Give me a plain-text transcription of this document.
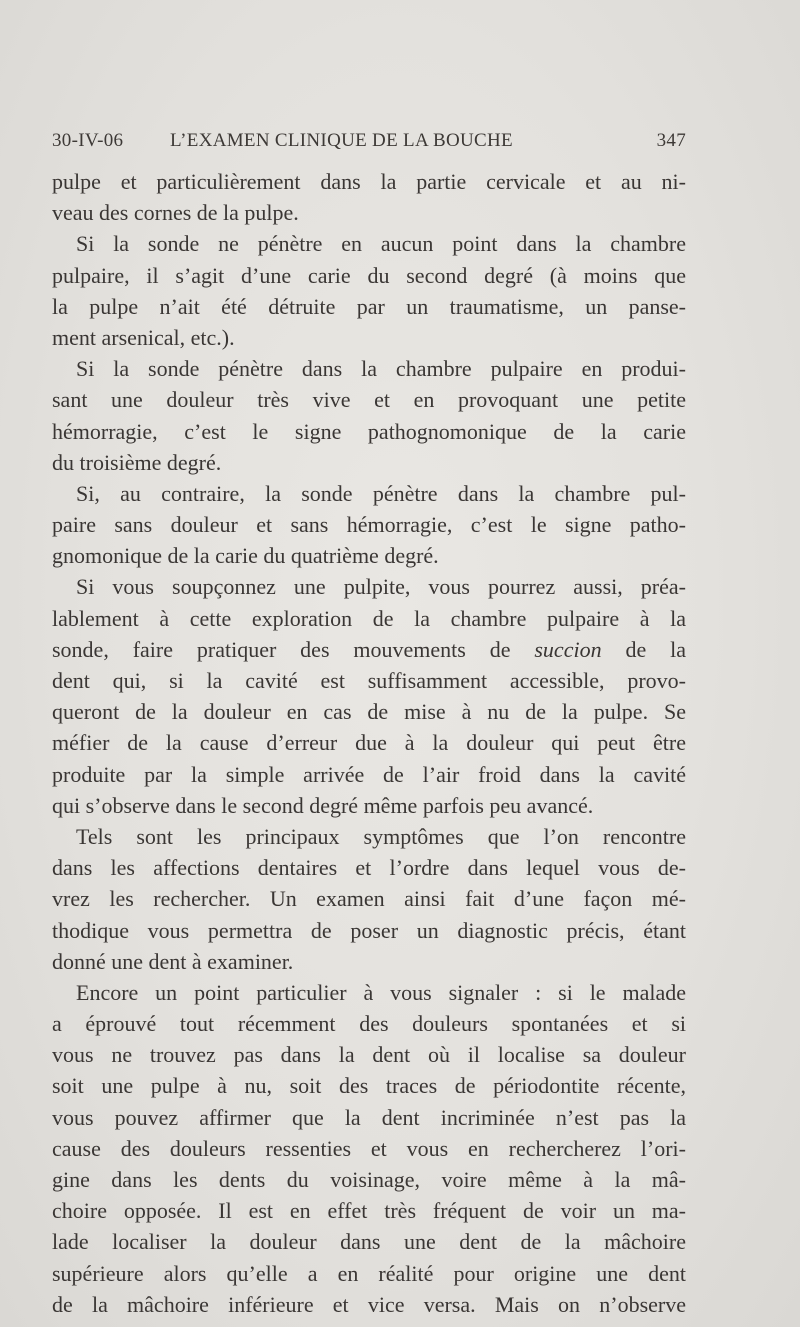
30-IV-06 L’EXAMEN CLINIQUE DE LA BOUCHE	347
pulpe et particulièrement dans la partie cervicale et au ni-
veau des cornes de la pulpe.
Si la sonde ne pénètre en aucun point dans la chambre
pulpaire, il s’agit d’une carie du second degré (à moins que
la pulpe n’ait été détruite par un traumatisme, un panse-
ment arsenical, etc.).
Si la sonde pénètre dans la chambre pulpaire en produi-
sant une douleur très vive et en provoquant une petite
hémorragie, c’est le signe pathognomonique de la carie
du troisième degré.
Si, au contraire, la sonde pénètre dans la chambre pul-
paire sans douleur et sans hémorragie, c’est le signe patho-
gnomonique de la carie du quatrième degré.
Si vous soupçonnez une pulpite, vous pourrez aussi, préa-
lablement à cette exploration de la chambre pulpaire à la
sonde, faire pratiquer des mouvements de succion de la
dent qui, si la cavité est suffisamment accessible, provo-
queront de la douleur en cas de mise à nu de la pulpe. Se
méfier de la cause d’erreur due à la douleur qui peut être
produite par la simple arrivée de l’air froid dans la cavité
qui s’observe dans le second degré même parfois peu avancé.
Tels sont les principaux symptômes que l’on rencontre
dans les affections dentaires et l’ordre dans lequel vous de-
vrez les rechercher. Un examen ainsi fait d’une façon mé-
thodique vous permettra de poser un diagnostic précis, étant
donné une dent à examiner.
Encore un point particulier à vous signaler : si le malade
a éprouvé tout récemment des douleurs spontanées et si
vous ne trouvez pas dans la dent où il localise sa douleur
soit une pulpe à nu, soit des traces de périodontite récente,
vous pouvez affirmer que la dent incriminée n’est pas la
cause des douleurs ressenties et vous en rechercherez l’ori-
gine dans les dents du voisinage, voire même à la mâ-
choire opposée. Il est en effet très fréquent de voir un ma-
lade localiser la douleur dans une dent de la mâchoire
supérieure alors qu’elle a en réalité pour origine une dent
de la mâchoire inférieure et vice versa. Mais on n’observe
